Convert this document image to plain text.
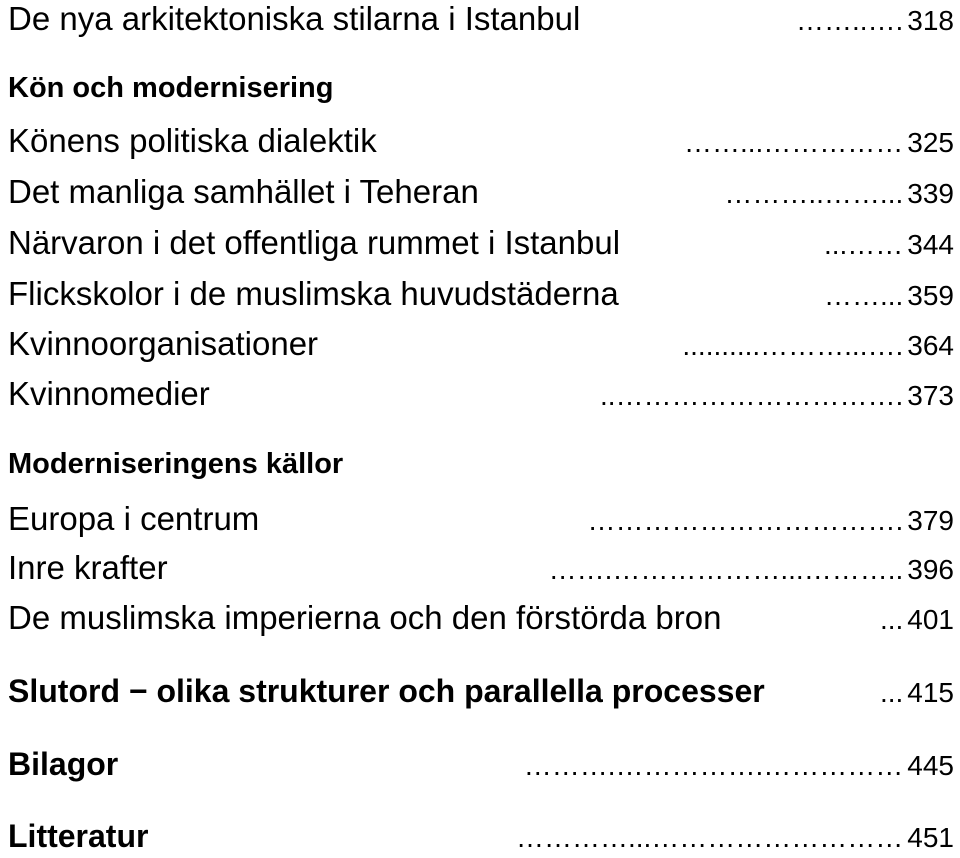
De nya arkitektoniska stilarna i Istanbul	……..…. 318
Kön och modernisering
Könens politiska dialektik	……...…………… 325
Det manliga samhället i Teheran	………..……... 339
Närvaron i det offentliga rummet i Istanbul	...…… 344
Flickskolor i de muslimska huvudstäderna	……... 359
Kvinnoorganisationer	..........………...…. 364
Kvinnomedier	..…………………………. 373
Moderniseringens källor
Europa i centrum	……………………………. 379
Inre krafter	…….………………...……….. 396
De muslimska imperierna och den förstörda bron	... 401
Slutord − olika strukturer och parallella processer	... 415
Bilagor	……….…………….…………… 445
Litteratur	…………...……………………… 451
